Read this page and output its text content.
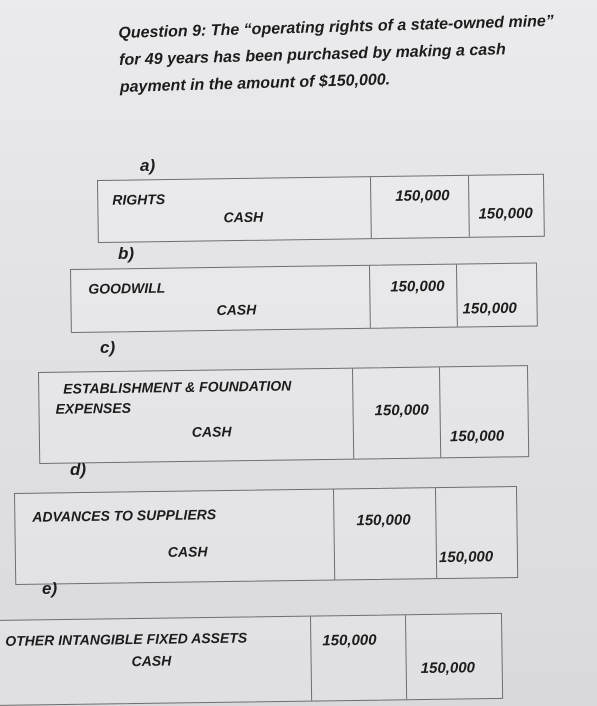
Question 9: The “operating rights of a state-owned mine” for 49 years has been purchased by making a cash payment in the amount of $150,000.
a)
RIGHTS
CASH
150,000
150,000
b)
GOODWILL
CASH
150,000
150,000
c)
ESTABLISHMENT & FOUNDATION
EXPENSES
CASH
150,000
150,000
d)
ADVANCES TO SUPPLIERS
CASH
150,000
150,000
e)
OTHER INTANGIBLE FIXED ASSETS
CASH
150,000
150,000
